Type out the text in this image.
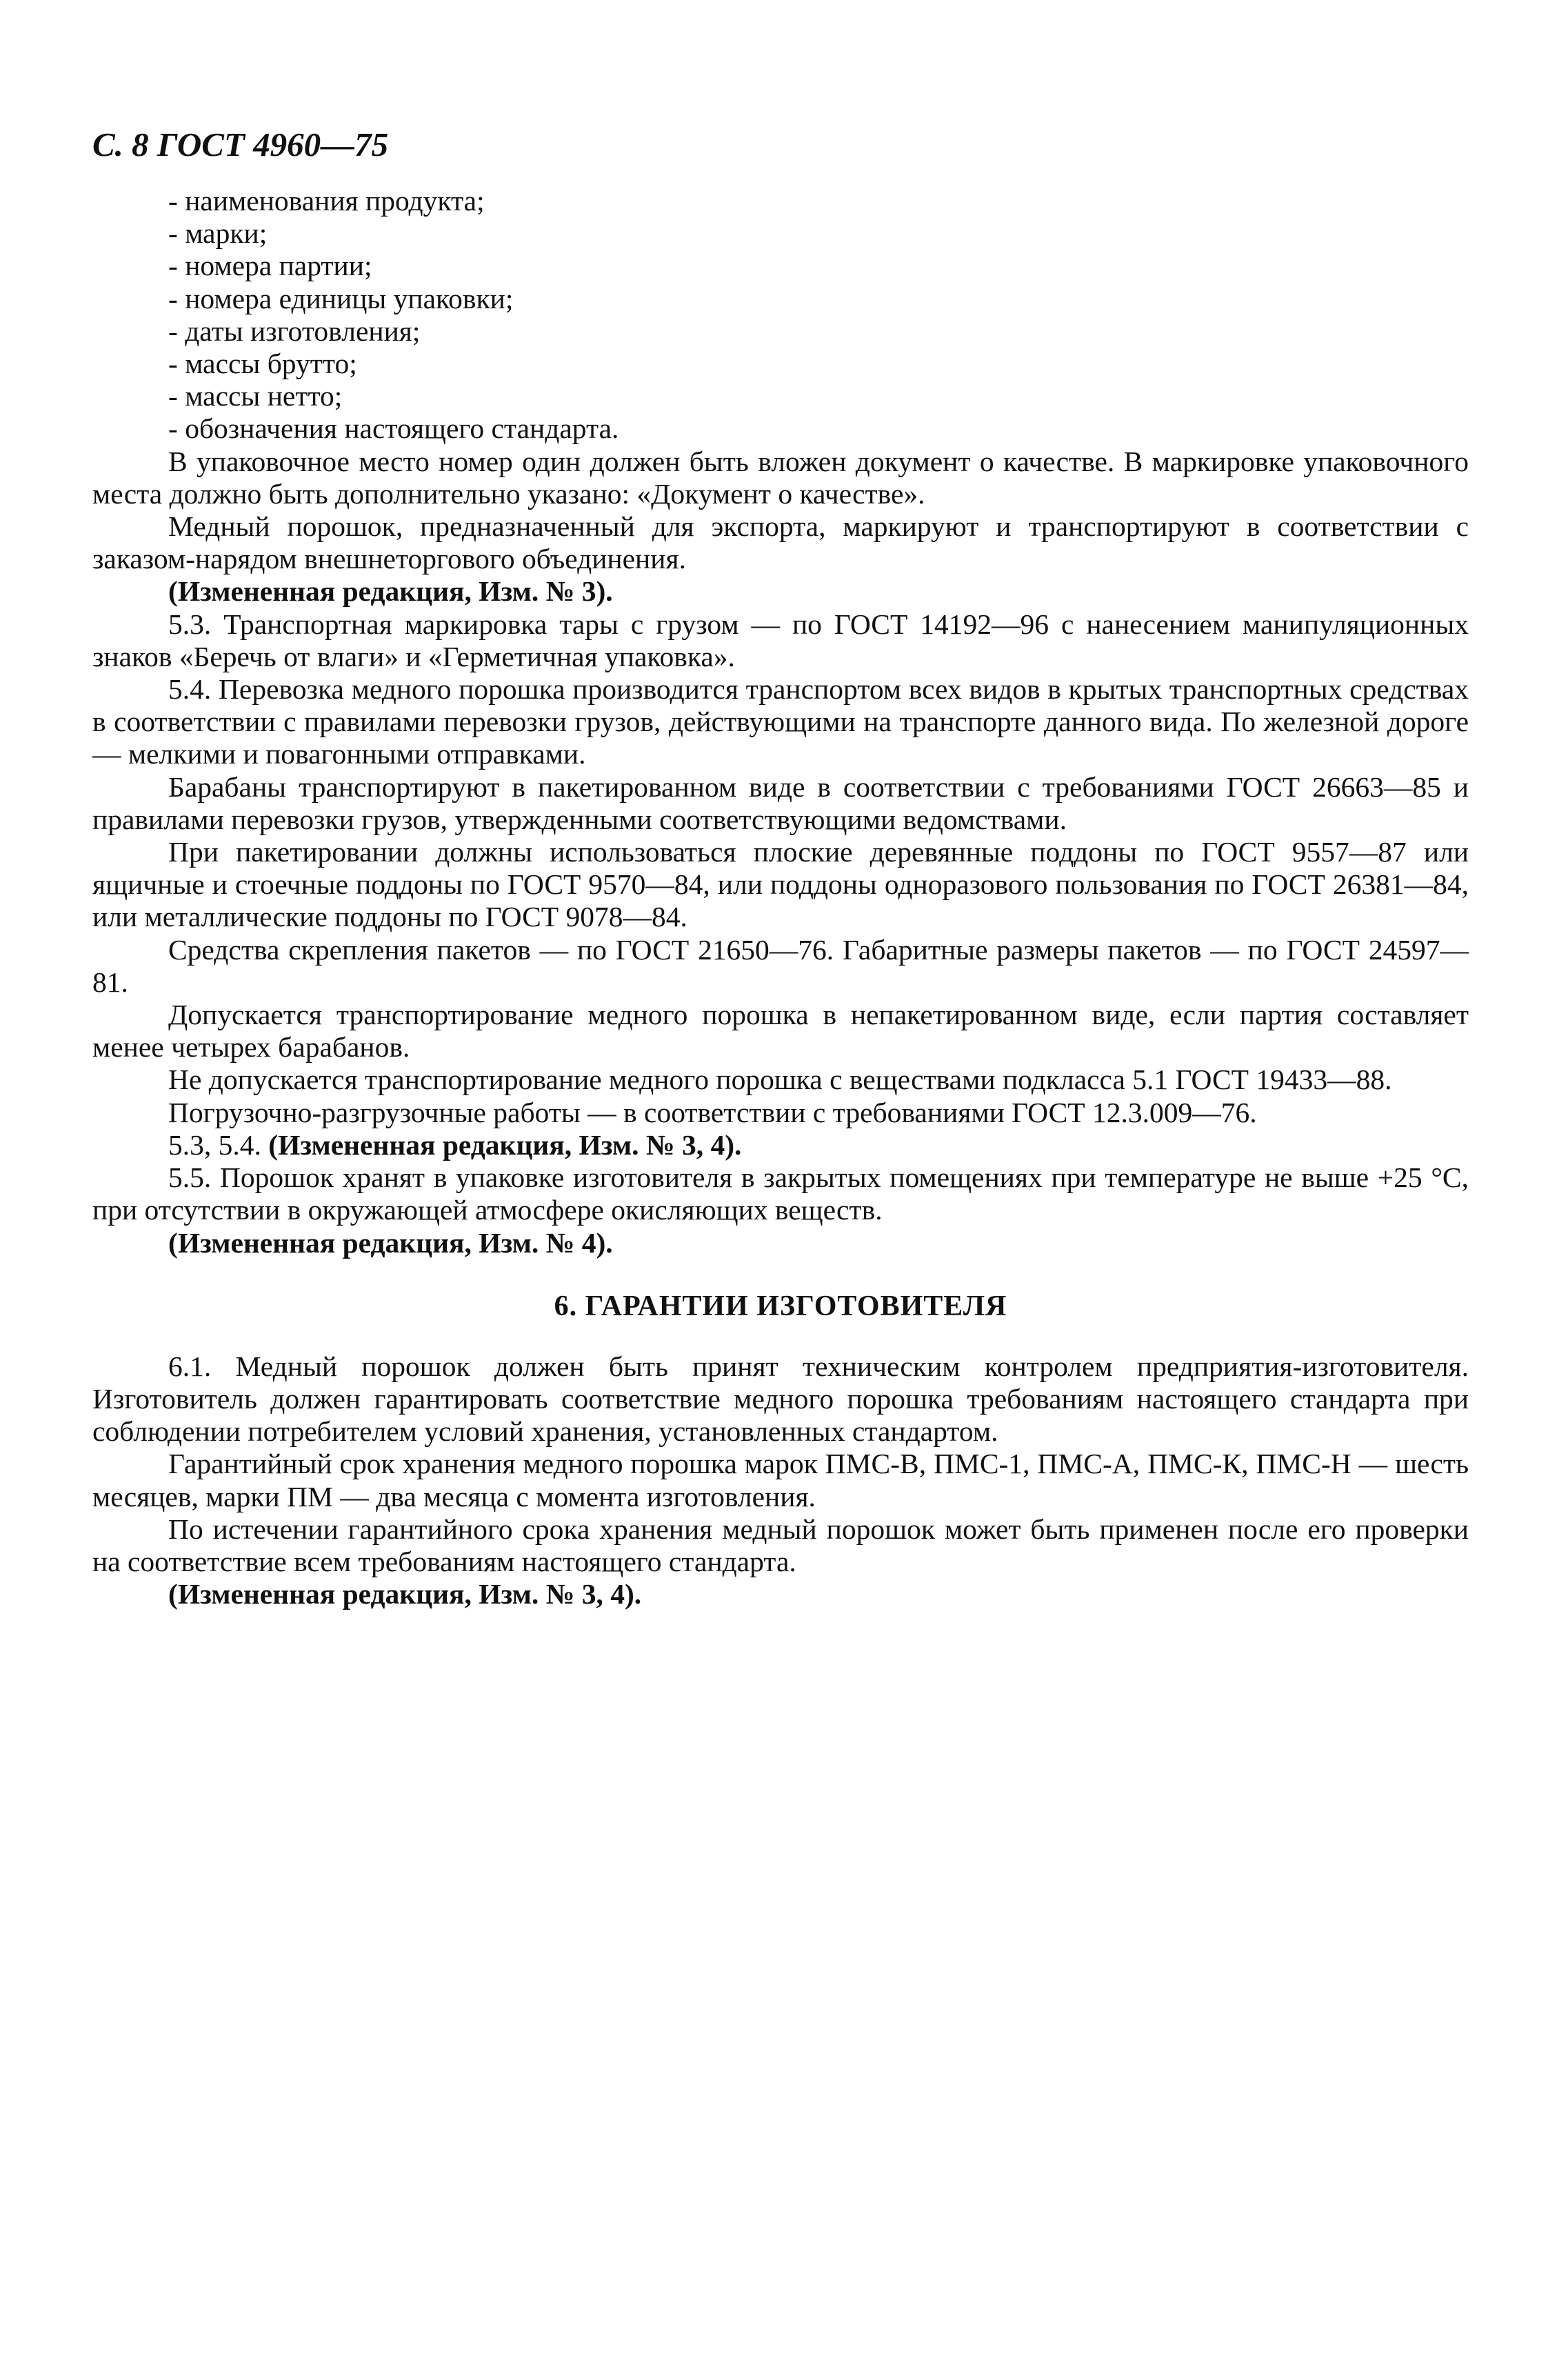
С. 8 ГОСТ 4960—75
- наименования продукта;
- марки;
- номера партии;
- номера единицы упаковки;
- даты изготовления;
- массы брутто;
- массы нетто;
- обозначения настоящего стандарта.

В упаковочное место номер один должен быть вложен документ о качестве. В маркировке упаковочного места должно быть дополнительно указано: «Документ о качестве».

Медный порошок, предназначенный для экспорта, маркируют и транспортируют в соответствии с заказом-нарядом внешнеторгового объединения.

(Измененная редакция, Изм. № 3).

5.3. Транспортная маркировка тары с грузом — по ГОСТ 14192—96 с нанесением манипуляционных знаков «Беречь от влаги» и «Герметичная упаковка».

5.4. Перевозка медного порошка производится транспортом всех видов в крытых транспортных средствах в соответствии с правилами перевозки грузов, действующими на транспорте данного вида. По железной дороге — мелкими и повагонными отправками.

Барабаны транспортируют в пакетированном виде в соответствии с требованиями ГОСТ 26663—85 и правилами перевозки грузов, утвержденными соответствующими ведомствами.

При пакетировании должны использоваться плоские деревянные поддоны по ГОСТ 9557—87 или ящичные и стоечные поддоны по ГОСТ 9570—84, или поддоны одноразового пользования по ГОСТ 26381—84, или металлические поддоны по ГОСТ 9078—84.

Средства скрепления пакетов — по ГОСТ 21650—76. Габаритные размеры пакетов — по ГОСТ 24597—81.

Допускается транспортирование медного порошка в непакетированном виде, если партия составляет менее четырех барабанов.

Не допускается транспортирование медного порошка с веществами подкласса 5.1 ГОСТ 19433—88.

Погрузочно-разгрузочные работы — в соответствии с требованиями ГОСТ 12.3.009—76.

5.3, 5.4. (Измененная редакция, Изм. № 3, 4).

5.5. Порошок хранят в упаковке изготовителя в закрытых помещениях при температуре не выше +25 °С, при отсутствии в окружающей атмосфере окисляющих веществ.

(Измененная редакция, Изм. № 4).

6. ГАРАНТИИ ИЗГОТОВИТЕЛЯ

6.1. Медный порошок должен быть принят техническим контролем предприятия-изготовителя. Изготовитель должен гарантировать соответствие медного порошка требованиям настоящего стандарта при соблюдении потребителем условий хранения, установленных стандартом.

Гарантийный срок хранения медного порошка марок ПМС-В, ПМС-1, ПМС-А, ПМС-К, ПМС-Н — шесть месяцев, марки ПМ — два месяца с момента изготовления.

По истечении гарантийного срока хранения медный порошок может быть применен после его проверки на соответствие всем требованиям настоящего стандарта.

(Измененная редакция, Изм. № 3, 4).
